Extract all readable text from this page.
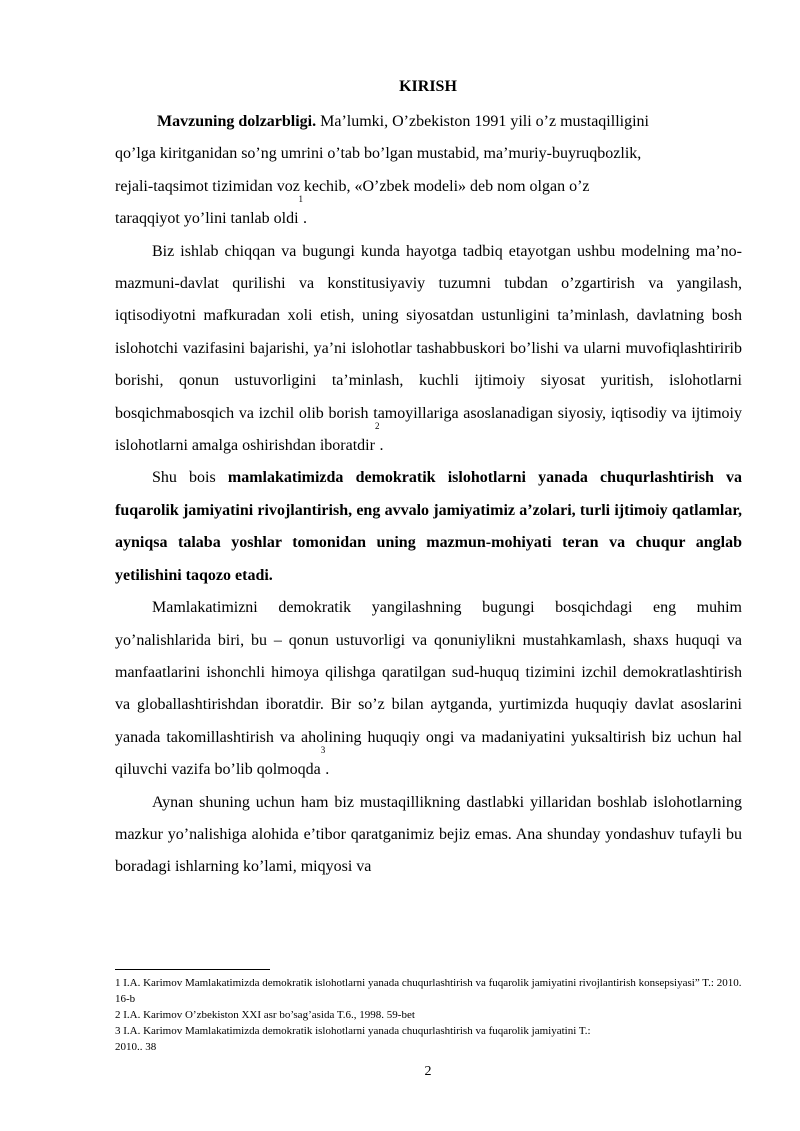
KIRISH

Mavzuning dolzarbligi. Ma’lumki, O’zbekiston 1991 yili o’z mustaqilligini

qo’lga kiritganidan so’ng umrini o’tab bo’lgan mustabid, ma’muriy-buyruqbozlik,

rejali-taqsimot tizimidan voz kechib, «O’zbek modeli» deb nom olgan o’z

taraqqiyot yo’lini tanlab oldi$^1$.

Biz ishlab chiqqan va bugungi kunda hayotga tadbiq etayotgan ushbu modelning ma’no-mazmuni-davlat qurilishi va konstitusiyaviy tuzumni tubdan o’zgartirish va yangilash, iqtisodiyotni mafkuradan xoli etish, uning siyosatdan ustunligini ta’minlash, davlatning bosh islohotchi vazifasini bajarishi, ya’ni islohotlar tashabbuskori bo’lishi va ularni muvofiqlashtiririb borishi, qonun ustuvorligini ta’minlash, kuchli ijtimoiy siyosat yuritish, islohotlarni bosqichmabosqich va izchil olib borish tamoyillariga asoslanadigan siyosiy, iqtisodiy va ijtimoiy islohotlarni amalga oshirishdan iboratdir$^2$.

Shu bois mamlakatimizda demokratik islohotlarni yanada chuqurlashtirish va fuqarolik jamiyatini rivojlantirish, eng avvalo jamiyatimiz a’zolari, turli ijtimoiy qatlamlar, ayniqsa talaba yoshlar tomonidan uning mazmun-mohiyati teran va chuqur anglab yetilishini taqozo etadi.

Mamlakatimizni demokratik yangilashning bugungi bosqichdagi eng muhim yo’nalishlarida biri, bu – qonun ustuvorligi va qonuniylikni mustahkamlash, shaxs huquqi va manfaatlarini ishonchli himoya qilishga qaratilgan sud-huquq tizimini izchil demokratlashtirish va globallashtirishdan iboratdir. Bir so’z bilan aytganda, yurtimizda huquqiy davlat asoslarini yanada takomillashtirish va aholining huquqiy ongi va madaniyatini yuksaltirish biz uchun hal qiluvchi vazifa bo’lib qolmoqda$^3$.

Aynan shuning uchun ham biz mustaqillikning dastlabki yillaridan boshlab islohotlarning mazkur yo’nalishiga alohida e’tibor qaratganimiz bejiz emas. Ana shunday yondashuv tufayli bu boradagi ishlarning ko’lami, miqyosi va

1 I.A. Karimov Mamlakatimizda demokratik islohotlarni yanada chuqurlashtirish va fuqarolik jamiyatini rivojlantirish konsepsiyasi” T.: 2010. 16-b
2 I.A. Karimov O’zbekiston XXI asr bo’sag’asida T.6., 1998. 59-bet
3 I.A. Karimov Mamlakatimizda demokratik islohotlarni yanada chuqurlashtirish va fuqarolik jamiyatini T.:
2010.. 38
2
